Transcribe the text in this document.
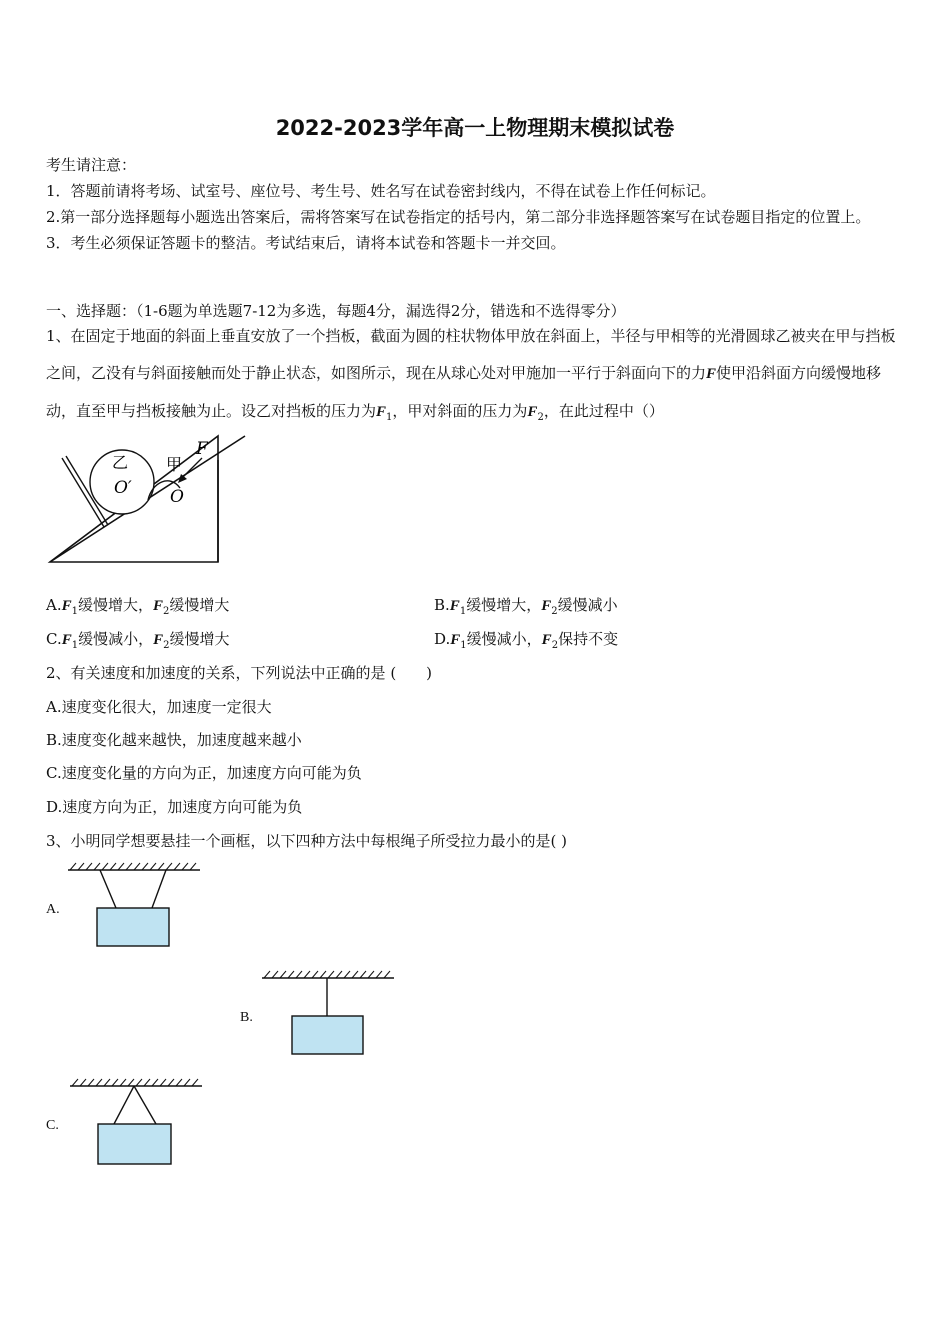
2022-2023学年高一上物理期末模拟试卷
考生请注意：
1．答题前请将考场、试室号、座位号、考生号、姓名写在试卷密封线内，不得在试卷上作任何标记。
2.第一部分选择题每小题选出答案后，需将答案写在试卷指定的括号内，第二部分非选择题答案写在试卷题目指定的位置上。
3．考生必须保证答题卡的整洁。考试结束后，请将本试卷和答题卡一并交回。
一、选择题：（1-6题为单选题7-12为多选，每题4分，漏选得2分，错选和不选得零分）
1、在固定于地面的斜面上垂直安放了一个挡板，截面为圆的柱状物体甲放在斜面上，半径与甲相等的光滑圆球乙被夹在甲与挡板之间，乙没有与斜面接触而处于静止状态，如图所示，现在从球心处对甲施加一平行于斜面向下的力F使甲沿斜面方向缓慢地移动，直至甲与挡板接触为止。设乙对挡板的压力为$F_1$，甲对斜面的压力为$F_2$，在此过程中（）
乙 甲
F
O′ O
$A.F_1$缓慢增大，$F_2$缓慢增大	$B.F_1$缓慢增大，$F_2$缓慢减小
$C.F_1$缓慢减小，$F_2$缓慢增大	$D.F_1$缓慢减小，$F_2$保持不变
2、有关速度和加速度的关系，下列说法中正确的是 (　　)
A.速度变化很大，加速度一定很大
B.速度变化越来越快，加速度越来越小
C.速度变化量的方向为正，加速度方向可能为负
D.速度方向为正，加速度方向可能为负
3、小明同学想要悬挂一个画框，以下四种方法中每根绳子所受拉力最小的是( )
A.
B.
C.
